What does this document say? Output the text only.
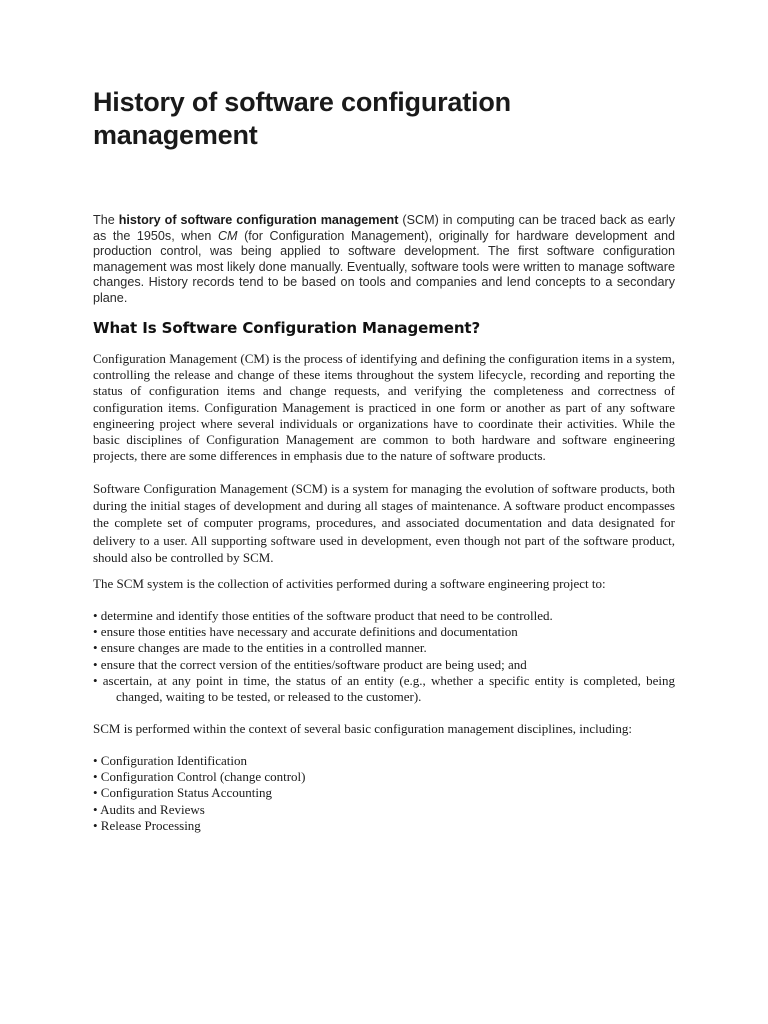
History of software configuration management

The history of software configuration management (SCM) in computing can be traced back as early as the 1950s, when CM (for Configuration Management), originally for hardware development and production control, was being applied to software development. The first software configuration management was most likely done manually. Eventually, software tools were written to manage software changes. History records tend to be based on tools and companies and lend concepts to a secondary plane.

What Is Software Configuration Management?

Configuration Management (CM) is the process of identifying and defining the configuration items in a system, controlling the release and change of these items throughout the system lifecycle, recording and reporting the status of configuration items and change requests, and verifying the completeness and correctness of configuration items. Configuration Management is practiced in one form or another as part of any software engineering project where several individuals or organizations have to coordinate their activities. While the basic disciplines of Configuration Management are common to both hardware and software engineering projects, there are some differences in emphasis due to the nature of software products.

Software Configuration Management (SCM) is a system for managing the evolution of software products, both during the initial stages of development and during all stages of maintenance. A software product encompasses the complete set of computer programs, procedures, and associated documentation and data designated for delivery to a user. All supporting software used in development, even though not part of the software product, should also be controlled by SCM.

The SCM system is the collection of activities performed during a software engineering project to:

• determine and identify those entities of the software product that need to be controlled.
• ensure those entities have necessary and accurate definitions and documentation
• ensure changes are made to the entities in a controlled manner.
• ensure that the correct version of the entities/software product are being used; and
• ascertain, at any point in time, the status of an entity (e.g., whether a specific entity is completed, being changed, waiting to be tested, or released to the customer).

SCM is performed within the context of several basic configuration management disciplines, including:

• Configuration Identification
• Configuration Control (change control)
• Configuration Status Accounting
• Audits and Reviews
• Release Processing
